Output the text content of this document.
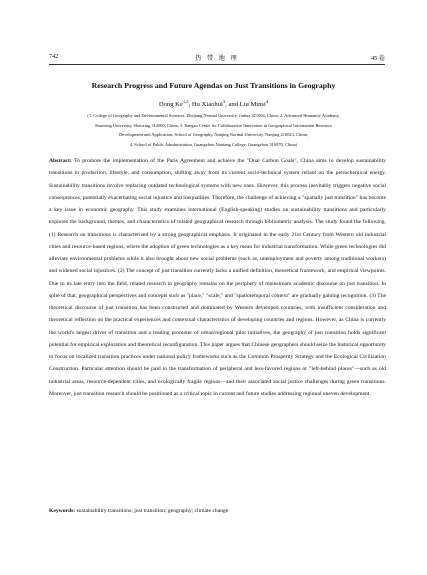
742	热 带 地 理	45 卷
Research Progress and Future Agendas on Just Transitions in Geography
Dong Ke$^{1,2}$, Hu Xiaohui$^3$, and Liu Minsi$^4$
(1. College of Geography and Environmental Sciences, Zhejiang Normal University, Jinhua 321004, China; 2. Advanced Humanity Academy,
Shaoxing University, Shaoxing 312000, China; 3. Jiangsu Center for Collaborative Innovation in Geographical Information Resource
Development and Application, School of Geography, Nanjing Normal University, Nanjing 210023, China;
4. School of Public Administration, Guangzhou Nanfang College, Guangzhou 510970, China)

Abstract: To promote the implementation of the Paris Agreement and achieve the "Dual Carbon Goals", China aims to develop sustainability transitions in production, lifestyle, and consumption, shifting away from its current socio-technical system reliant on the petrochemical energy. Sustainability transitions involve replacing outdated technological systems with new ones. However, this process inevitably triggers negative social consequences, potentially exacerbating social injustice and inequalities. Therefore, the challenge of achieving a "spatially just transition" has become a key issue in economic geography. This study examines international (English-speaking) studies on sustainability transitions and particularly explores the background, themes, and characteristics of related geographical research through bibliometric analysis. The study found the following. (1) Research on transitions is characterized by a strong geographical emphasis. It originated in the early 21st Century from Western old industrial cities and resource-based regions, where the adoption of green technologies as a key mean for industrial transformation. While green technologies did alleviate environmental problems while it also brought about new social problems (such as, unemployment and poverty among traditional workers) and widened social injustices. (2) The concept of just transition currently lacks a unified definition, theoretical framework, and empirical viewpoints. Due to its late entry into the field, related research in geography remains on the periphery of mainstream academic discourse on just transition. In spite of that, geographical perspectives and concepts such as "place," "scale," and "spatiotemporal context" are gradually gaining recognition. (3) The theoretical discourse of just transition has been constructed and dominated by Western developed countries, with insufficient consideration and theoretical reflection on the practical experiences and contextual characteristics of developing countries and regions. However, as China is currently the world's largest driver of transition and a leading promoter of urban/regional pilot initiatives, the geography of just transition holds significant potential for empirical exploration and theoretical reconfiguration. This paper argues that Chinese geographers should seize the historical opportunity to focus on localized transition practices under national policy frameworks such as the Common Prosperity Strategy and the Ecological Civilization Construction. Particular attention should be paid to the transformation of peripheral and less-favored regions or "left-behind places"—such as old industrial areas, resource-dependent cities, and ecologically fragile regions—and their associated social justice challenges during green transitions. Moreover, just transition research should be positioned as a critical topic in current and future studies addressing regional uneven development.

Keywords: sustainability transitions; just transition; geography; climate change
